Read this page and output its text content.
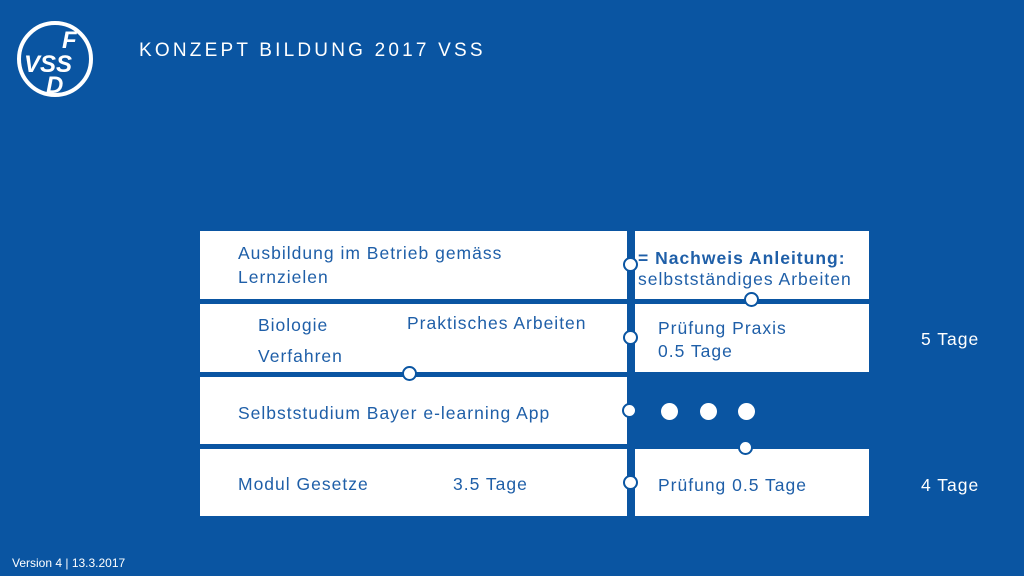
F
VSS
D
KONZEPT BILDUNG 2017 VSS
Ausbildung im Betrieb gemäss
Lernzielen
= Nachweis Anleitung:
selbstständiges Arbeiten
Biologie
Verfahren
Praktisches Arbeiten	Prüfung Praxis
0.5 Tage
5 Tage
Selbststudium Bayer e-learning App
Modul Gesetze	3.5 Tage	Prüfung 0.5 Tage	4 Tage
Version 4 | 13.3.2017
